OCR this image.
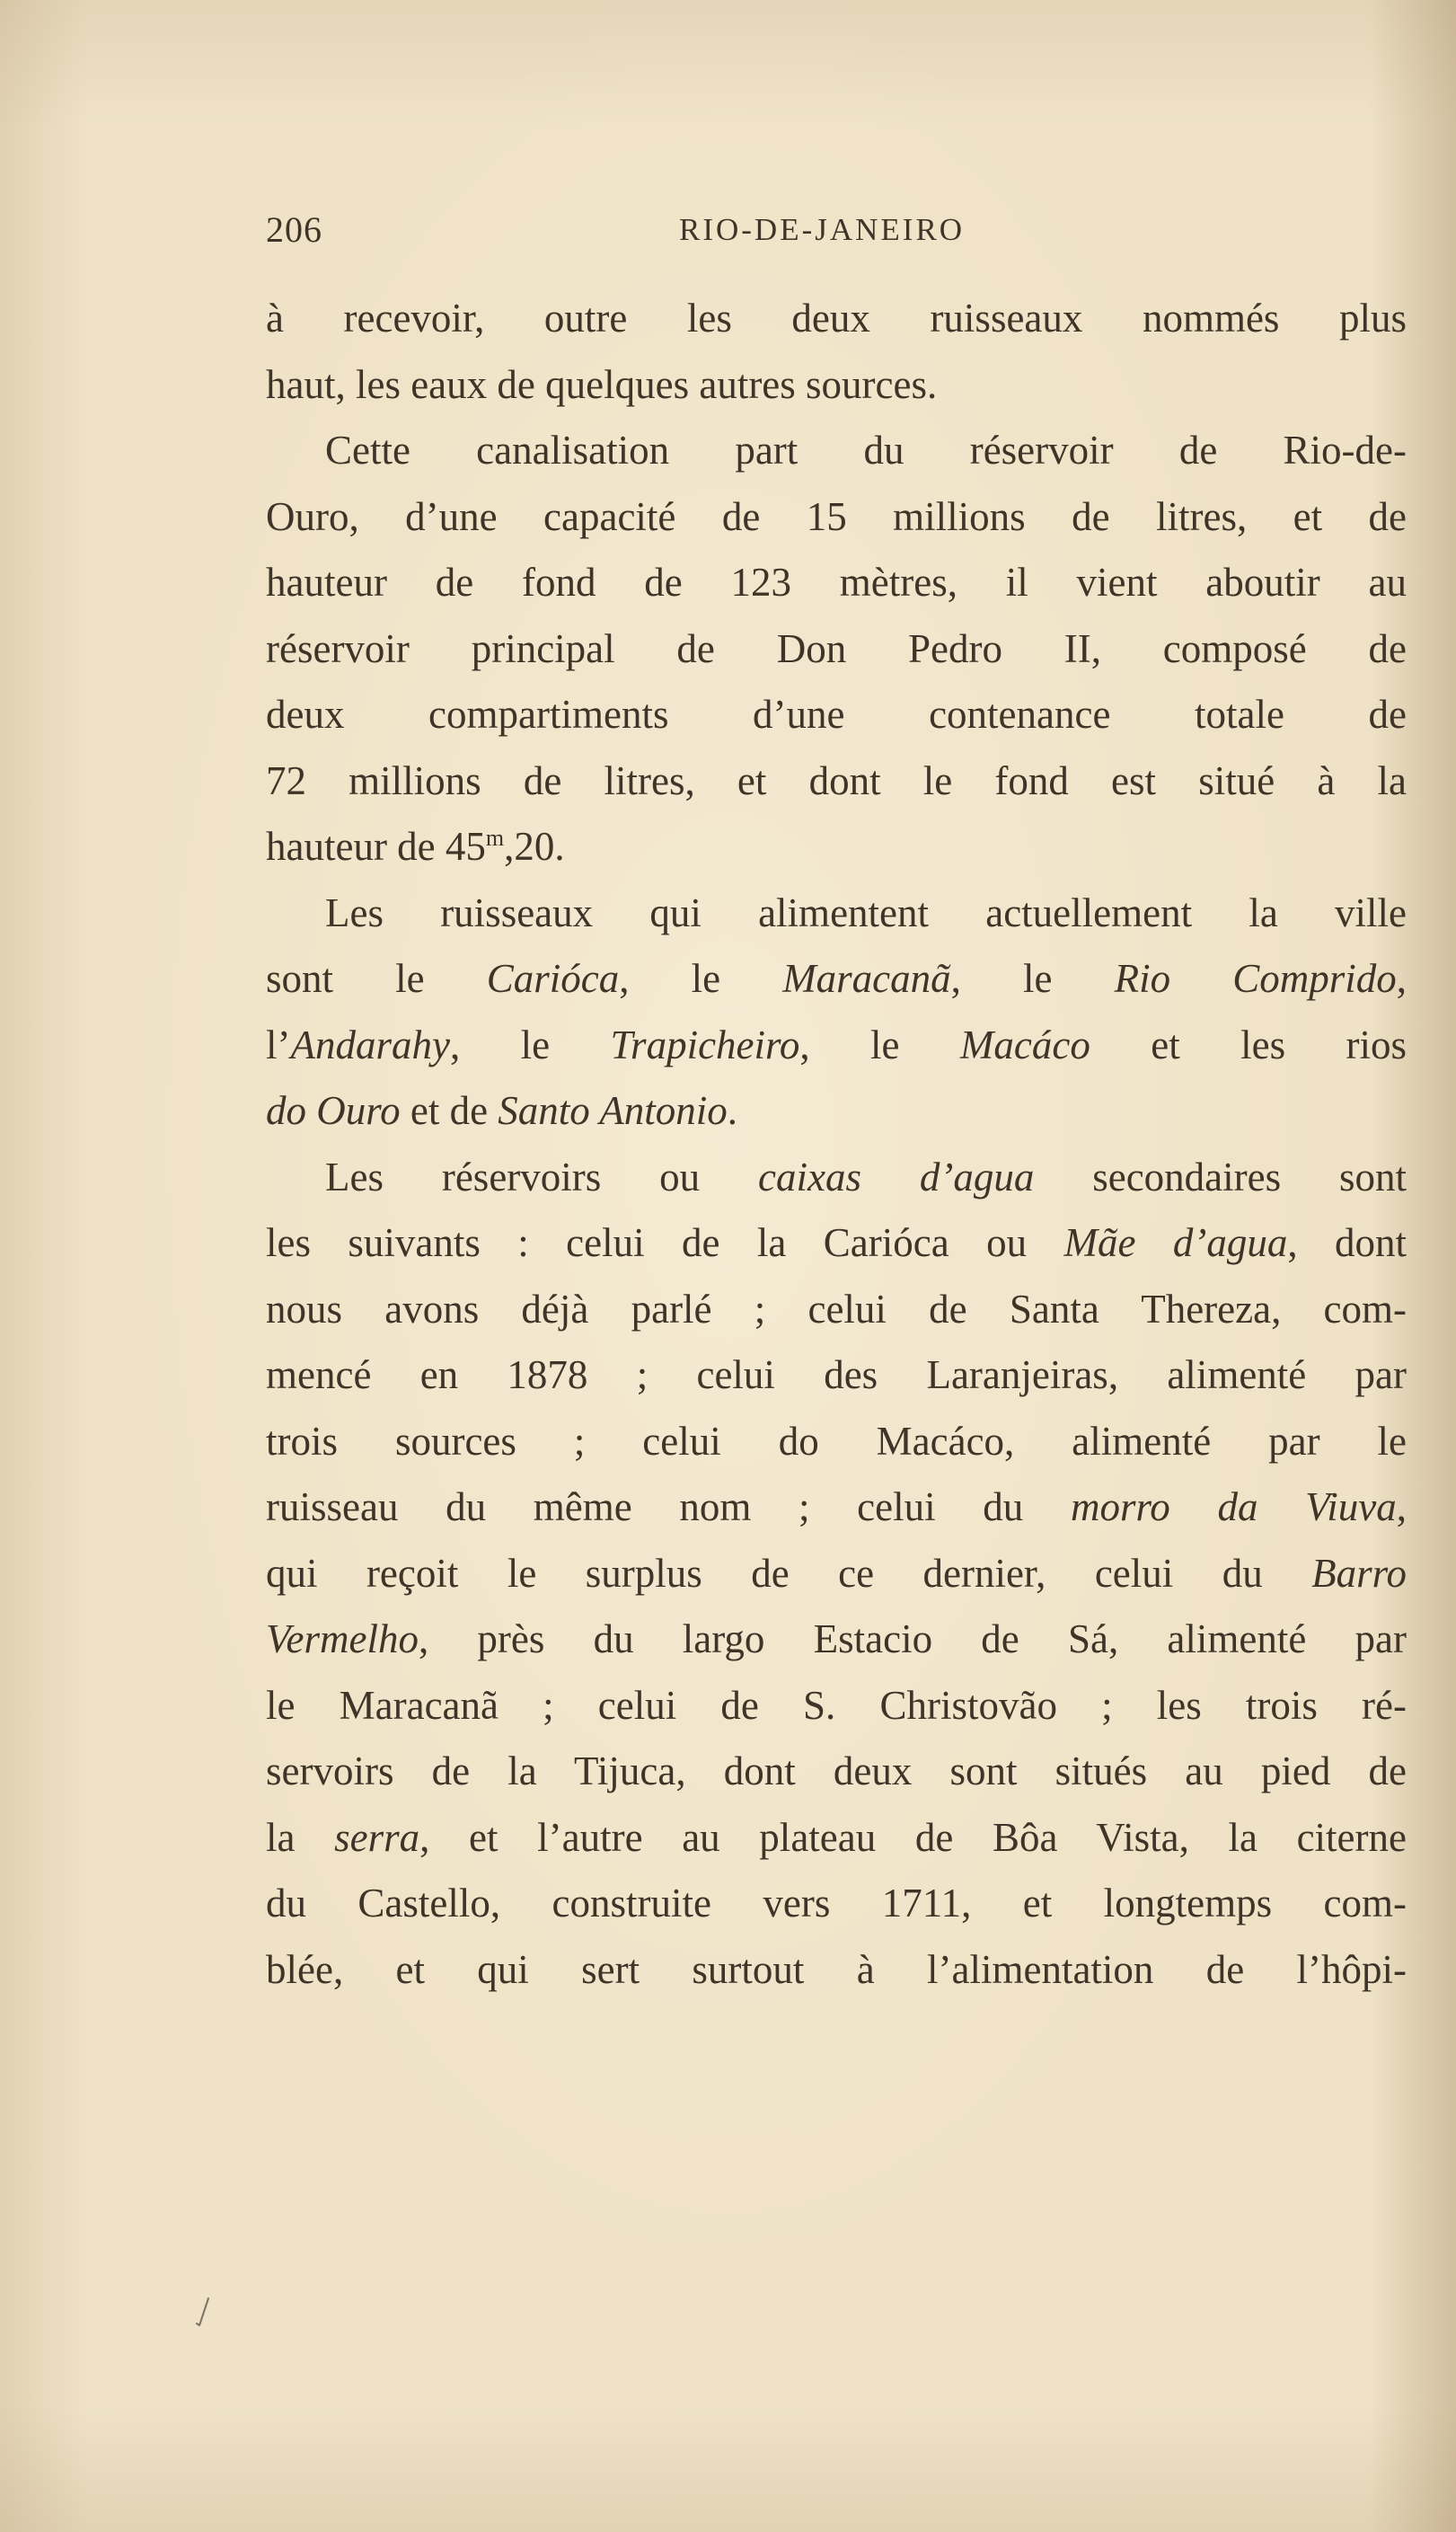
206	RIO-DE-JANEIRO
à recevoir, outre les deux ruisseaux nommés plus
haut, les eaux de quelques autres sources.
Cette canalisation part du réservoir de Rio-de-
Ouro, d’une capacité de 15 millions de litres, et de
hauteur de fond de 123 mètres, il vient aboutir au
réservoir principal de Don Pedro II, composé de
deux compartiments d’une contenance totale de
72 millions de litres, et dont le fond est situé à la
hauteur de 45$^m$,20.
Les ruisseaux qui alimentent actuellement la ville
sont le Carióca, le Maracanã, le Rio Comprido,
l’Andarahy, le Trapicheiro, le Macáco et les rios
do Ouro et de Santo Antonio.
Les réservoirs ou caixas d’agua secondaires sont
les suivants : celui de la Carióca ou Mãe d’agua, dont
nous avons déjà parlé ; celui de Santa Thereza, com-
mencé en 1878 ; celui des Laranjeiras, alimenté par
trois sources ; celui do Macáco, alimenté par le
ruisseau du même nom ; celui du morro da Viuva,
qui reçoit le surplus de ce dernier, celui du Barro
Vermelho, près du largo Estacio de Sá, alimenté par
le Maracanã ; celui de S. Christovão ; les trois ré-
servoirs de la Tijuca, dont deux sont situés au pied de
la serra, et l’autre au plateau de Bôa Vista, la citerne
du Castello, construite vers 1711, et longtemps com-
blée, et qui sert surtout à l’alimentation de l’hôpi-
